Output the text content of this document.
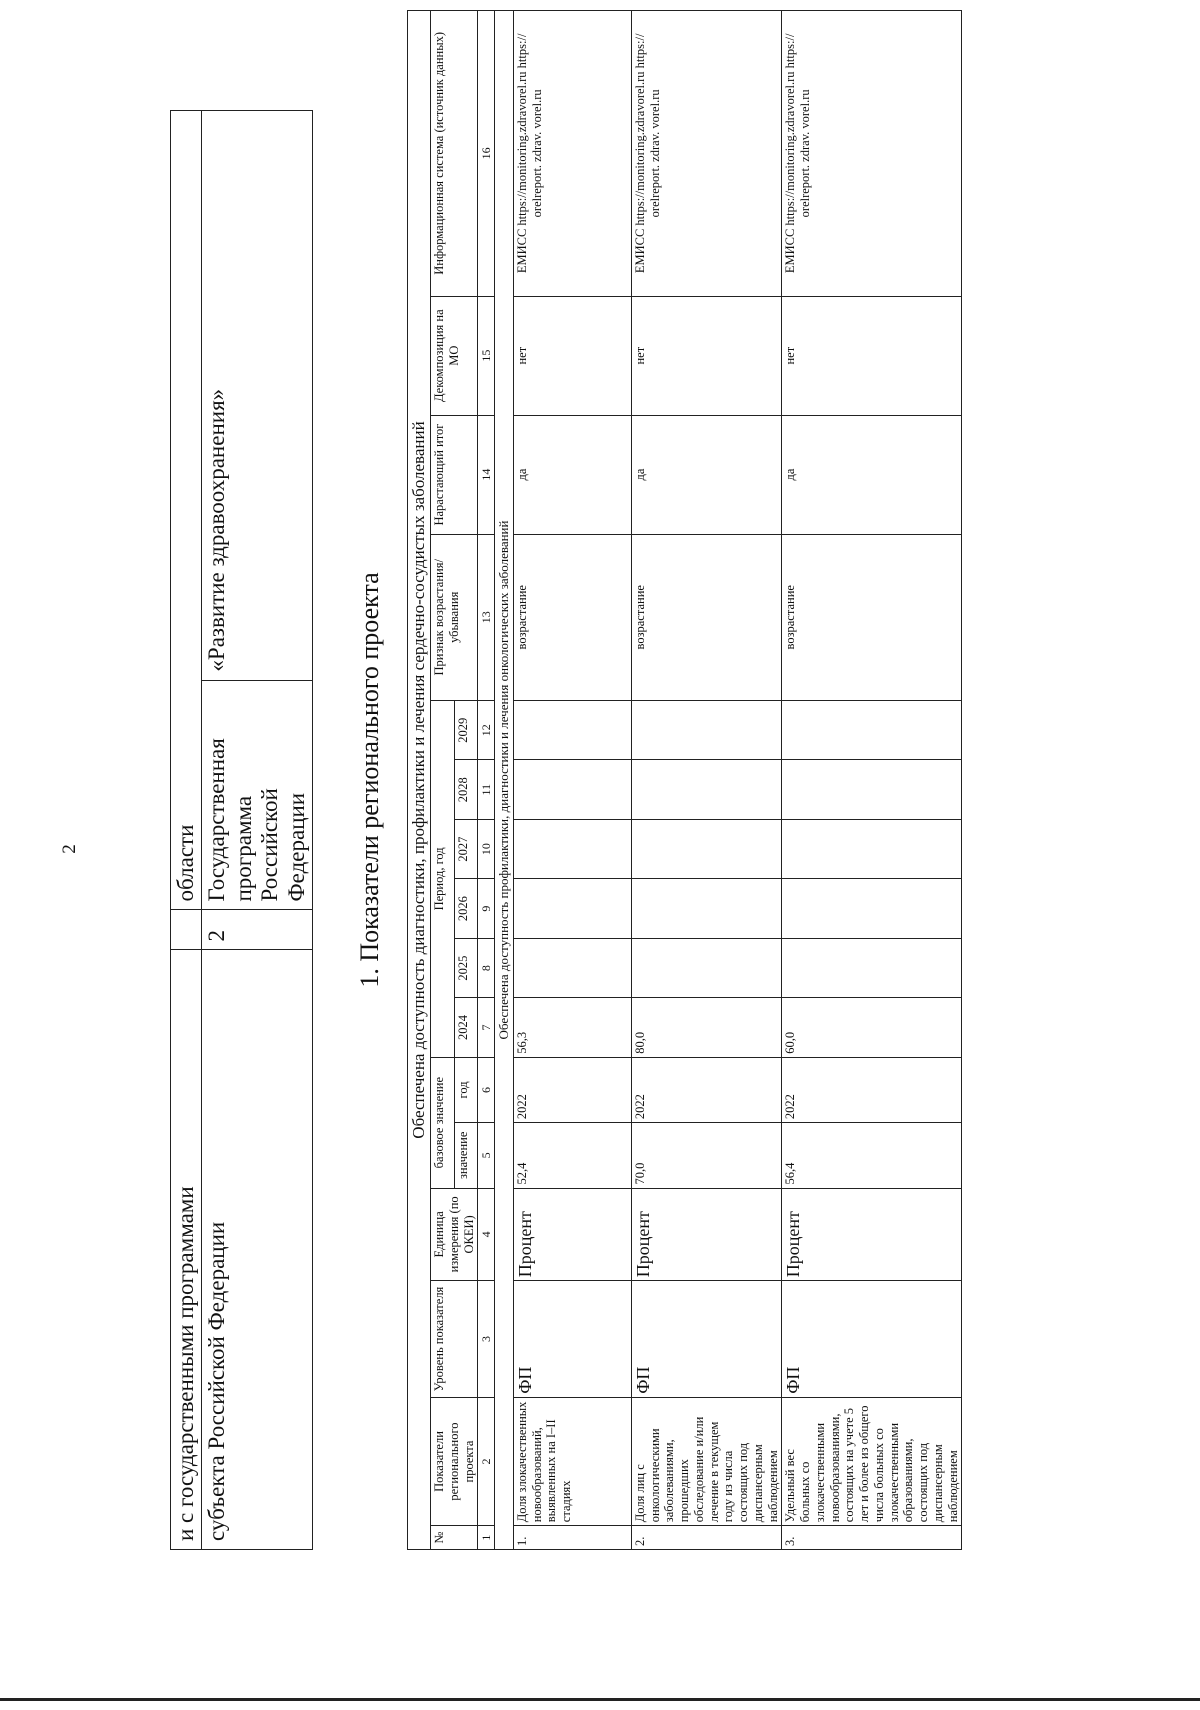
2
и с государственными программами		области	
субъекта Российской Федерации	2	Государственная программа Российской Федерации	«Развитие здравоохранения»
1. Показатели регионального проекта Обеспечена доступность диагностики, профилактики и лечения сердечно-сосудистых заболеваний															
№	Показатели регионального проекта	Уровень показателя	Единица измерения (по ОКЕИ)	базовое значение		Период, год						Признак возрастания/убывания	Нарастающий итог	Декомпозиция на МО	Информационная система (источник данных)
				значение	год	2024	2025	2026	2027	2028	2029				
1	2	3	4	5	6	7	8	9	10	11	12	13	14	15	16
Обеспечена доступность профилактики, диагностики и лечения онкологических заболеваний															
1.	Доля злокачественных новообразований, выявленных на I–II стадиях	ФП	Процент	52,4	2022	56,3						возрастание	да	нет	ЕМИСС https://monitoring.zdravorel.ru https:// orelreport. zdrav. vorel.ru
2.	Доля лиц с онкологическими заболеваниями, прошедших обследование и/или лечение в текущем году из числа состоящих под диспансерным наблюдением	ФП	Процент	70,0	2022	80,0						возрастание	да	нет	ЕМИСС https://monitoring.zdravorel.ru https:// orelreport. zdrav. vorel.ru
3.	Удельный вес больных со злокачественными новообразованиями, состоящих на учете 5 лет и более из общего числа больных со злокачественными образованиями, состоящих под диспансерным наблюдением	ФП	Процент	56,4	2022	60,0						возрастание	да	нет	ЕМИСС https://monitoring.zdravorel.ru https:// orelreport. zdrav. vorel.ru
